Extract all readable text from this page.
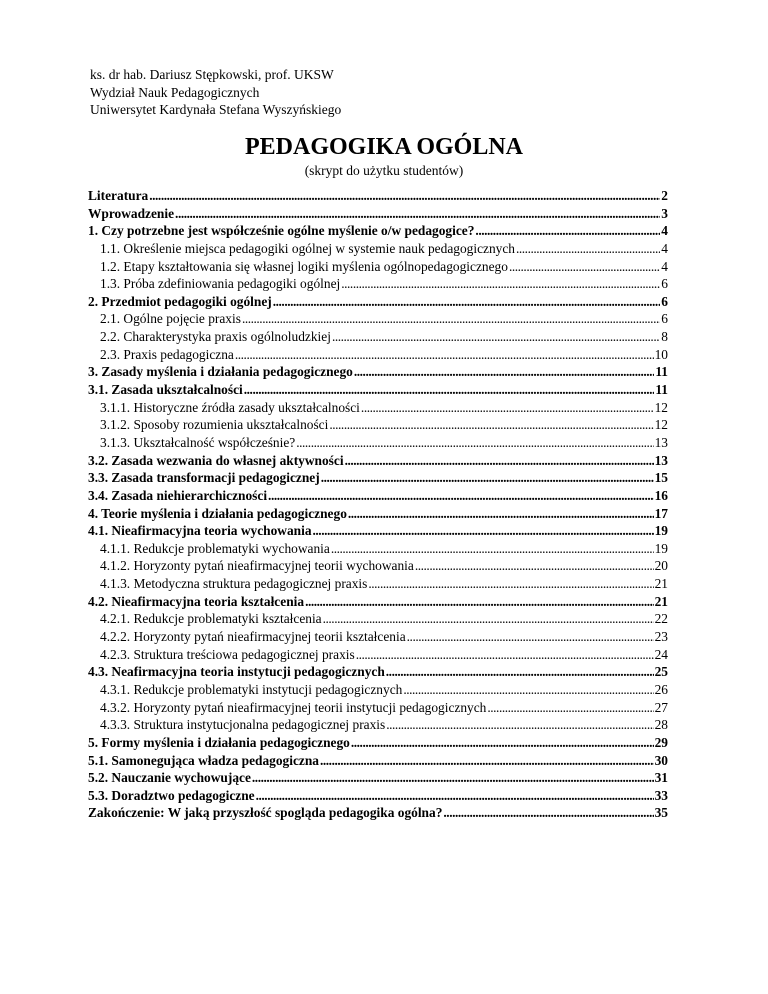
ks. dr hab. Dariusz Stępkowski, prof. UKSW
Wydział Nauk Pedagogicznych
Uniwersytet Kardynała Stefana Wyszyńskiego
PEDAGOGIKA OGÓLNA
(skrypt do użytku studentów)
Literatura . . .	2
Wprowadzenie . . .	3
1. Czy potrzebne jest współcześnie ogólne myślenie o/w pedagogice? . . .	4
1.1. Określenie miejsca pedagogiki ogólnej w systemie nauk pedagogicznych . . .	4
1.2. Etapy kształtowania się własnej logiki myślenia ogólnopedagogicznego . . .	4
1.3. Próba zdefiniowania pedagogiki ogólnej . . .	6
2. Przedmiot pedagogiki ogólnej . . .	6
2.1. Ogólne pojęcie praxis . . .	6
2.2. Charakterystyka praxis ogólnoludzkiej . . .	8
2.3. Praxis pedagogiczna . . .	10
3. Zasady myślenia i działania pedagogicznego . . .	11
3.1. Zasada ukształcalności . . .	11
3.1.1. Historyczne źródła zasady ukształcalności . . .	12
3.1.2. Sposoby rozumienia ukształcalności . . .	12
3.1.3. Ukształcalność współcześnie? . . .	13
3.2. Zasada wezwania do własnej aktywności . . .	13
3.3. Zasada transformacji pedagogicznej . . .	15
3.4. Zasada niehierarchiczności . . .	16
4. Teorie myślenia i działania pedagogicznego . . .	17
4.1. Nieafirmacyjna teoria wychowania . . .	19
4.1.1. Redukcje problematyki wychowania . . .	19
4.1.2. Horyzonty pytań nieafirmacyjnej teorii wychowania . . .	20
4.1.3. Metodyczna struktura pedagogicznej praxis . . .	21
4.2. Nieafirmacyjna teoria kształcenia . . .	21
4.2.1. Redukcje problematyki kształcenia . . .	22
4.2.2. Horyzonty pytań nieafirmacyjnej teorii kształcenia . . .	23
4.2.3. Struktura treściowa pedagogicznej praxis . . .	24
4.3. Neafirmacyjna teoria instytucji pedagogicznych . . .	25
4.3.1. Redukcje problematyki instytucji pedagogicznych . . .	26
4.3.2. Horyzonty pytań nieafirmacyjnej teorii instytucji pedagogicznych . . .	27
4.3.3. Struktura instytucjonalna pedagogicznej praxis . . .	28
5. Formy myślenia i działania pedagogicznego . . .	29
5.1. Samonegująca władza pedagogiczna . . .	30
5.2. Nauczanie wychowujące . . .	31
5.3. Doradztwo pedagogiczne . . .	33
Zakończenie: W jaką przyszłość spogląda pedagogika ogólna? . . .	35
